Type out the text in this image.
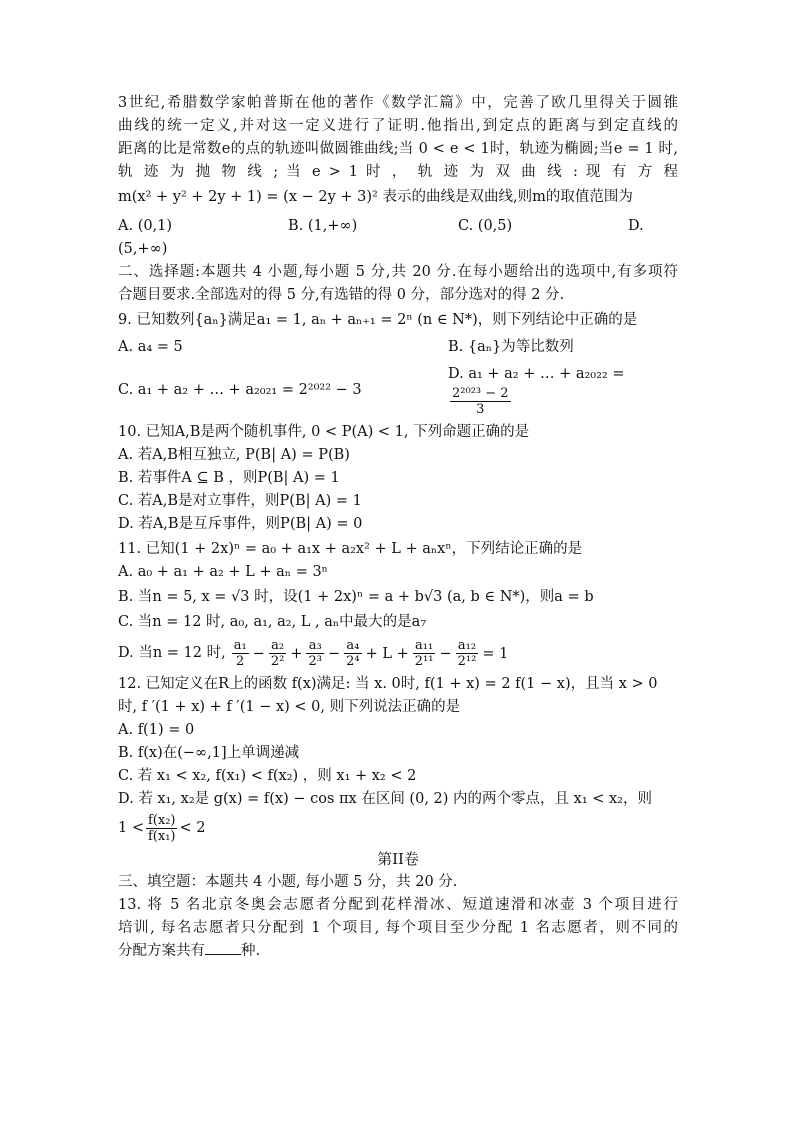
3世纪,希腊数学家帕普斯在他的著作《数学汇篇》中，完善了欧几里得关于圆锥
曲线的统一定义,并对这一定义进行了证明.他指出,到定点的距离与到定直线的
距离的比是常数e的点的轨迹叫做圆锥曲线;当 0 < e < 1时，轨迹为椭圆;当e = 1 时,
轨 迹 为 抛 物 线 ; 当 e > 1 时 ， 轨 迹 为 双 曲 线 : 现 有 方 程
m(x² + y² + 2y + 1) = (x − 2y + 3)² 表示的曲线是双曲线,则m的取值范围为
A. (0,1)	B. (1,+∞)	C. (0,5)	D.
(5,+∞)
二、选择题:本题共 4 小题,每小题 5 分,共 20 分.在每小题给出的选项中,有多项符
合题目要求.全部选对的得 5 分,有选错的得 0 分，部分选对的得 2 分.
9. 已知数列{aₙ}满足a₁ = 1, aₙ + aₙ₊₁ = 2ⁿ (n ∈ N*)，则下列结论中正确的是
A. a₄ = 5	B. {aₙ}为等比数列
C. a₁ + a₂ + … + a₂₀₂₁ = 2²⁰²² − 3
D. a₁ + a₂ + … + a₂₀₂₂ =
$\frac{\text{2²⁰²³ − 2}}{3}$
10. 已知A,B是两个随机事件, 0 < P(A) < 1, 下列命题正确的是
A. 若A,B相互独立, P(B| A) = P(B)
B. 若事件A ⊆ B ，则P(B| A) = 1
C. 若A,B是对立事件，则P(B| A) = 1
D. 若A,B是互斥事件，则P(B| A) = 0
11. 已知(1 + 2x)ⁿ = a₀ + a₁x + a₂x² + L + aₙxⁿ，下列结论正确的是
A. a₀ + a₁ + a₂ + L + aₙ = 3ⁿ
B. 当n = 5, x = √3 时，设(1 + 2x)ⁿ = a + b√3 (a, b ∈ N*)，则a = b
C. 当n = 12 时, a₀, a₁, a₂, L , aₙ中最大的是a₇
D. 当n = 12 时, $\frac{\text{a₁}}{2} - \frac{\text{a₂}}{\text{2²}} + \frac{\text{a₃}}{\text{2³}} - \frac{\text{a₄}}{\text{2⁴}} + L + \frac{\text{a₁₁}}{\text{2¹¹}} - \frac{\text{a₁₂}}{\text{2¹²}} = 1$
12. 已知定义在R上的函数 f(x)满足: 当 x. 0时, f(1 + x) = 2 f(1 − x)，且当 x > 0
时, f ′(1 + x) + f ′(1 − x) < 0, 则下列说法正确的是
A. f(1) = 0
B. f(x)在(−∞,1]上单调递减
C. 若 x₁ < x₂, f(x₁) < f(x₂) ，则 x₁ + x₂ < 2
D. 若 x₁, x₂是 g(x) = f(x) − cos πx 在区间 (0, 2) 内的两个零点，且 x₁ < x₂，则
$1 < \frac{\text{f(x₂)}}{\text{f(x₁)}} < 2$
第II卷
三、填空题：本题共 4 小题, 每小题 5 分，共 20 分.
13. 将 5 名北京冬奥会志愿者分配到花样滑冰、短道速滑和冰壶 3 个项目进行
培训, 每名志愿者只分配到 1 个项目, 每个项目至少分配 1 名志愿者，则不同的
分配方案共有 种.
